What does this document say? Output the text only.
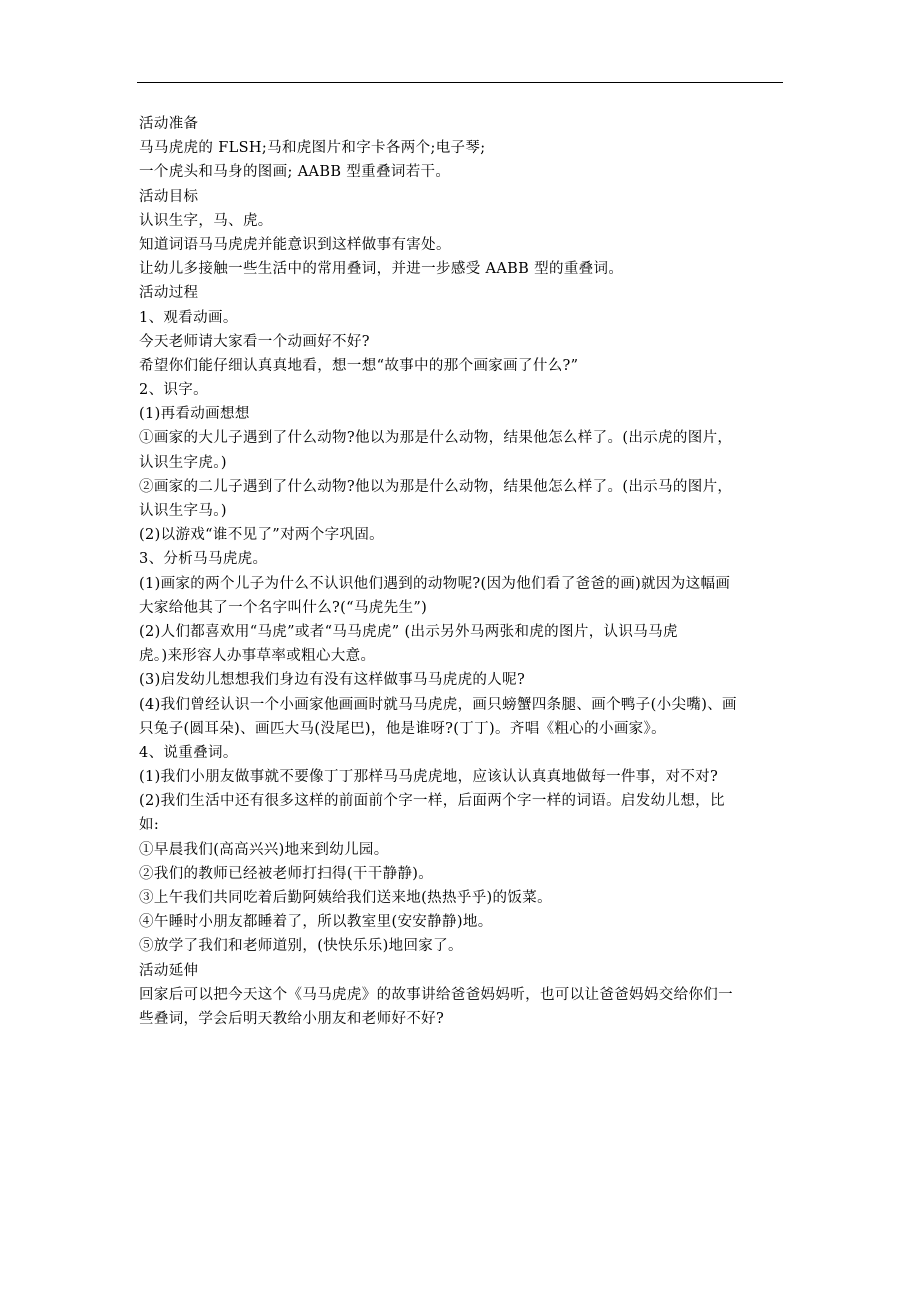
活动准备
马马虎虎的 FLSH;马和虎图片和字卡各两个;电子琴;
一个虎头和马身的图画; AABB 型重叠词若干。
活动目标
认识生字，马、虎。
知道词语马马虎虎并能意识到这样做事有害处。
让幼儿多接触一些生活中的常用叠词，并进一步感受 AABB 型的重叠词。
活动过程
1、观看动画。
今天老师请大家看一个动画好不好?
希望你们能仔细认真真地看，想一想“故事中的那个画家画了什么?”
2、识字。
(1)再看动画想想
①画家的大儿子遇到了什么动物?他以为那是什么动物，结果他怎么样了。(出示虎的图片，
认识生字虎。)
②画家的二儿子遇到了什么动物?他以为那是什么动物，结果他怎么样了。(出示马的图片，
认识生字马。)
(2)以游戏“谁不见了”对两个字巩固。
3、分析马马虎虎。
(1)画家的两个儿子为什么不认识他们遇到的动物呢?(因为他们看了爸爸的画)就因为这幅画
大家给他其了一个名字叫什么?(“马虎先生”)
(2)人们都喜欢用“马虎”或者“马马虎虎” (出示另外马两张和虎的图片，认识马马虎
虎。)来形容人办事草率或粗心大意。
(3)启发幼儿想想我们身边有没有这样做事马马虎虎的人呢?
(4)我们曾经认识一个小画家他画画时就马马虎虎，画只螃蟹四条腿、画个鸭子(小尖嘴)、画
只兔子(圆耳朵)、画匹大马(没尾巴)，他是谁呀?(丁丁)。齐唱《粗心的小画家》。
4、说重叠词。
(1)我们小朋友做事就不要像丁丁那样马马虎虎地，应该认认真真地做每一件事，对不对?
(2)我们生活中还有很多这样的前面前个字一样，后面两个字一样的词语。启发幼儿想，比
如:
①早晨我们(高高兴兴)地来到幼儿园。
②我们的教师已经被老师打扫得(干干静静)。
③上午我们共同吃着后勤阿姨给我们送来地(热热乎乎)的饭菜。
④午睡时小朋友都睡着了，所以教室里(安安静静)地。
⑤放学了我们和老师道别，(快快乐乐)地回家了。
活动延伸
回家后可以把今天这个《马马虎虎》的故事讲给爸爸妈妈听，也可以让爸爸妈妈交给你们一
些叠词，学会后明天教给小朋友和老师好不好?
